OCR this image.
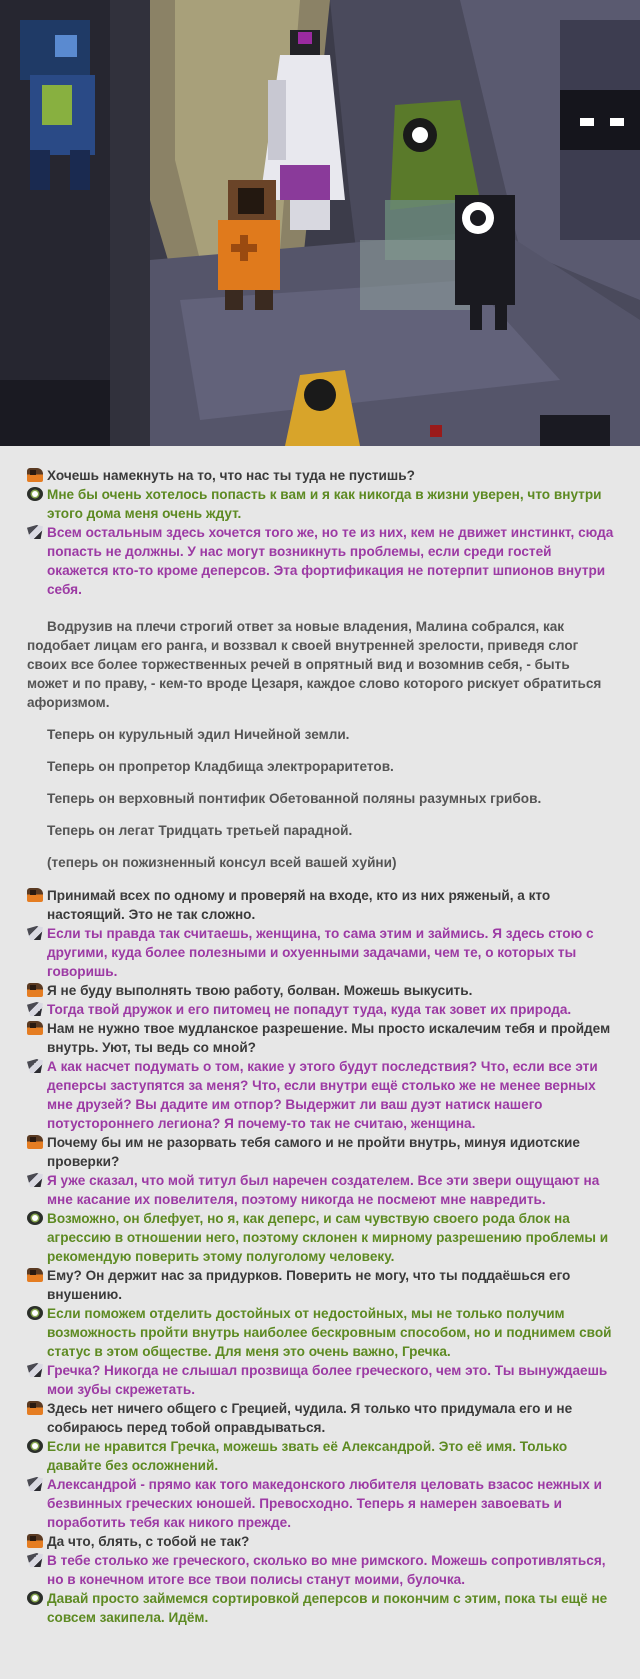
Хочешь намекнуть на то, что нас ты туда не пустишь?

Мне бы очень хотелось попасть к вам и я как никогда в жизни уверен, что внутри этого дома меня очень ждут.

Всем остальным здесь хочется того же, но те из них, кем не движет инстинкт, сюда попасть не должны. У нас могут возникнуть проблемы, если среди гостей окажется кто-то кроме деперсов. Эта фортификация не потерпит шпионов внутри себя.

Водрузив на плечи строгий ответ за новые владения, Малина собрался, как подобает лицам его ранга, и воззвал к своей внутренней зрелости, приведя слог своих все более торжественных речей в опрятный вид и возомнив себя, - быть может и по праву, - кем-то вроде Цезаря, каждое слово которого рискует обратиться афоризмом.

Теперь он курульный эдил Ничейной земли.

Теперь он пропретор Кладбища электрораритетов.

Теперь он верховный понтифик Обетованной поляны разумных грибов.

Теперь он легат Тридцать третьей парадной.

(теперь он пожизненный консул всей вашей хуйни)

Принимай всех по одному и проверяй на входе, кто из них ряженый, а кто настоящий. Это не так сложно.

Если ты правда так считаешь, женщина, то сама этим и займись. Я здесь стою с другими, куда более полезными и охуенными задачами, чем те, о которых ты говоришь.

Я не буду выполнять твою работу, болван. Можешь выкусить.

Тогда твой дружок и его питомец не попадут туда, куда так зовет их природа.

Нам не нужно твое мудланское разрешение. Мы просто искалечим тебя и пройдем внутрь. Уют, ты ведь со мной?

А как насчет подумать о том, какие у этого будут последствия? Что, если все эти деперсы заступятся за меня? Что, если внутри ещё столько же не менее верных мне друзей? Вы дадите им отпор? Выдержит ли ваш дуэт натиск нашего потустороннего легиона? Я почему-то так не считаю, женщина.

Почему бы им не разорвать тебя самого и не пройти внутрь, минуя идиотские проверки?

Я уже сказал, что мой титул был наречен создателем. Все эти звери ощущают на мне касание их повелителя, поэтому никогда не посмеют мне навредить.

Возможно, он блефует, но я, как деперс, и сам чувствую своего рода блок на агрессию в отношении него, поэтому склонен к мирному разрешению проблемы и рекомендую поверить этому полуголому человеку.

Ему? Он держит нас за придурков. Поверить не могу, что ты поддаёшься его внушению.

Если поможем отделить достойных от недостойных, мы не только получим возможность пройти внутрь наиболее бескровным способом, но и поднимем свой статус в этом обществе. Для меня это очень важно, Гречка.

Гречка? Никогда не слышал прозвища более греческого, чем это. Ты вынуждаешь мои зубы скрежетать.

Здесь нет ничего общего с Грецией, чудила. Я только что придумала его и не собираюсь перед тобой оправдываться.

Если не нравится Гречка, можешь звать её Александрой. Это её имя. Только давайте без осложнений.

Александрой - прямо как того македонского любителя целовать взасос нежных и безвинных греческих юношей. Превосходно. Теперь я намерен завоевать и поработить тебя как никого прежде.

Да что, блять, с тобой не так?

В тебе столько же греческого, сколько во мне римского. Можешь сопротивляться, но в конечном итоге все твои полисы станут моими, булочка.

Давай просто займемся сортировкой деперсов и покончим с этим, пока ты ещё не совсем закипела. Идём.
